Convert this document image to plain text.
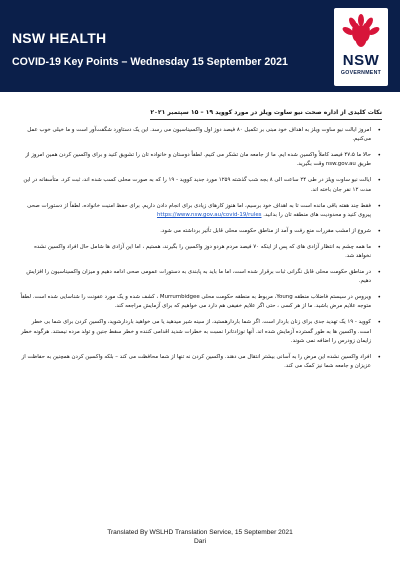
NSW HEALTH
COVID-19 Key Points – Wednesday 15 September 2021	NSW
GOVERNMENT
نکات کلیدی از اداره صحت نیو ساوت ویلز در مورد کووید ۱۹ – ۱۵ سپتمبر ۲۰۲۱
• امروز ایالت نیو ساوت ویلز به اهداف خود مبنی بر تکمیل ۸۰ فیصد دوز اول واکسیناسیون می رسد. این یک دستاورد شگفت‌آور است و ما خیلی خوب عمل می‌کنیم.
• حالا ما ۴۷،۵ فیصد کاملاً واکسین شده ایم. ما از جامعه مان تشکر می کنیم. لطفاً دوستان و خانواده تان را تشویق کنید و برای واکسین کردن همین امروز از طریق nsw.gov.au وقت بگیرید.
• ایالت نیو ساوت ویلز در طی ۲۴ ساعت الی ۸ بجه شب گذشته ۱۲۵۹ مورد جدید کووید - ۱۹ را که به صورت محلی کسب شده اند، ثبت کرد. متأسفانه در این مدت ۱۲ نفر جان باخته اند.
• فقط چند هفته باقی مانده است تا به اهداف خود برسیم، اما هنوز کارهای زیادی برای انجام دادن داریم. برای حفظ امنیت خانواده، لطفاً از دستورات صحی پیروی کنید و محدودیت های منطقه تان را بدانید. https://www.nsw.gov.au/covid-19/rules
• شروع از امشب مقررات منع رفت و آمد از مناطق حکومت محلی قابل تأثیر برداشته می شود.
• ما همه چشم به انتظار آزادی های که پس از اینکه ۷۰ فیصد مردم هردو دوز واکسین را بگیرند، هستیم ، اما این آزادی ها شامل حال افراد واکسین نشده نخواهد شد.
• در مناطق حکومت محلی قابل نگرانی ثبات برقرار شده است، اما ما باید به پابندی به دستورات عمومی صحی ادامه دهیم و میزان واکسیناسیون را افزایش دهیم.
• ویروس در سیستم فاضلاب منطقه Young، مربوط به منطقه حکومت محلی Murrumbidgee ، کشف شده و یک مورد عفونت را شناسایی شده است. لطفاً متوجه علایم مرض باشید. ما از هر کسی ، حتی اگر علایم خفیفی هم دارد می خواهیم که برای آزمایش مراجعه کند.
• کووید - ۱۹ یک تهدید جدی برای زنان باردار است. اگر شما باردارهستید، از سینه شیر میدهید یا می خواهید باردارشوید، واکسین کردن برای شما بی خطر است. واکسین ها به طور گسترده آزمایش شده اند. آنها نوزادتانرا نسبت به خطرات شدید اقدامی کننده و خطر سقط جنین و تولد مرده نیستند. هرگونه خطر زایمان زودرس را اضافه نمی شوند.
• افراد واکسین نشده این مرض را به آسانی بیشتر انتقال می دهند. واکسین کردن نه تنها از شما محافظت می کند – بلکه واکسین کردن همچنین به حفاظت از عزیزان و جامعه شما نیز کمک می کند.
Translated By WSLHD Translation Service, 15 September 2021
Dari
